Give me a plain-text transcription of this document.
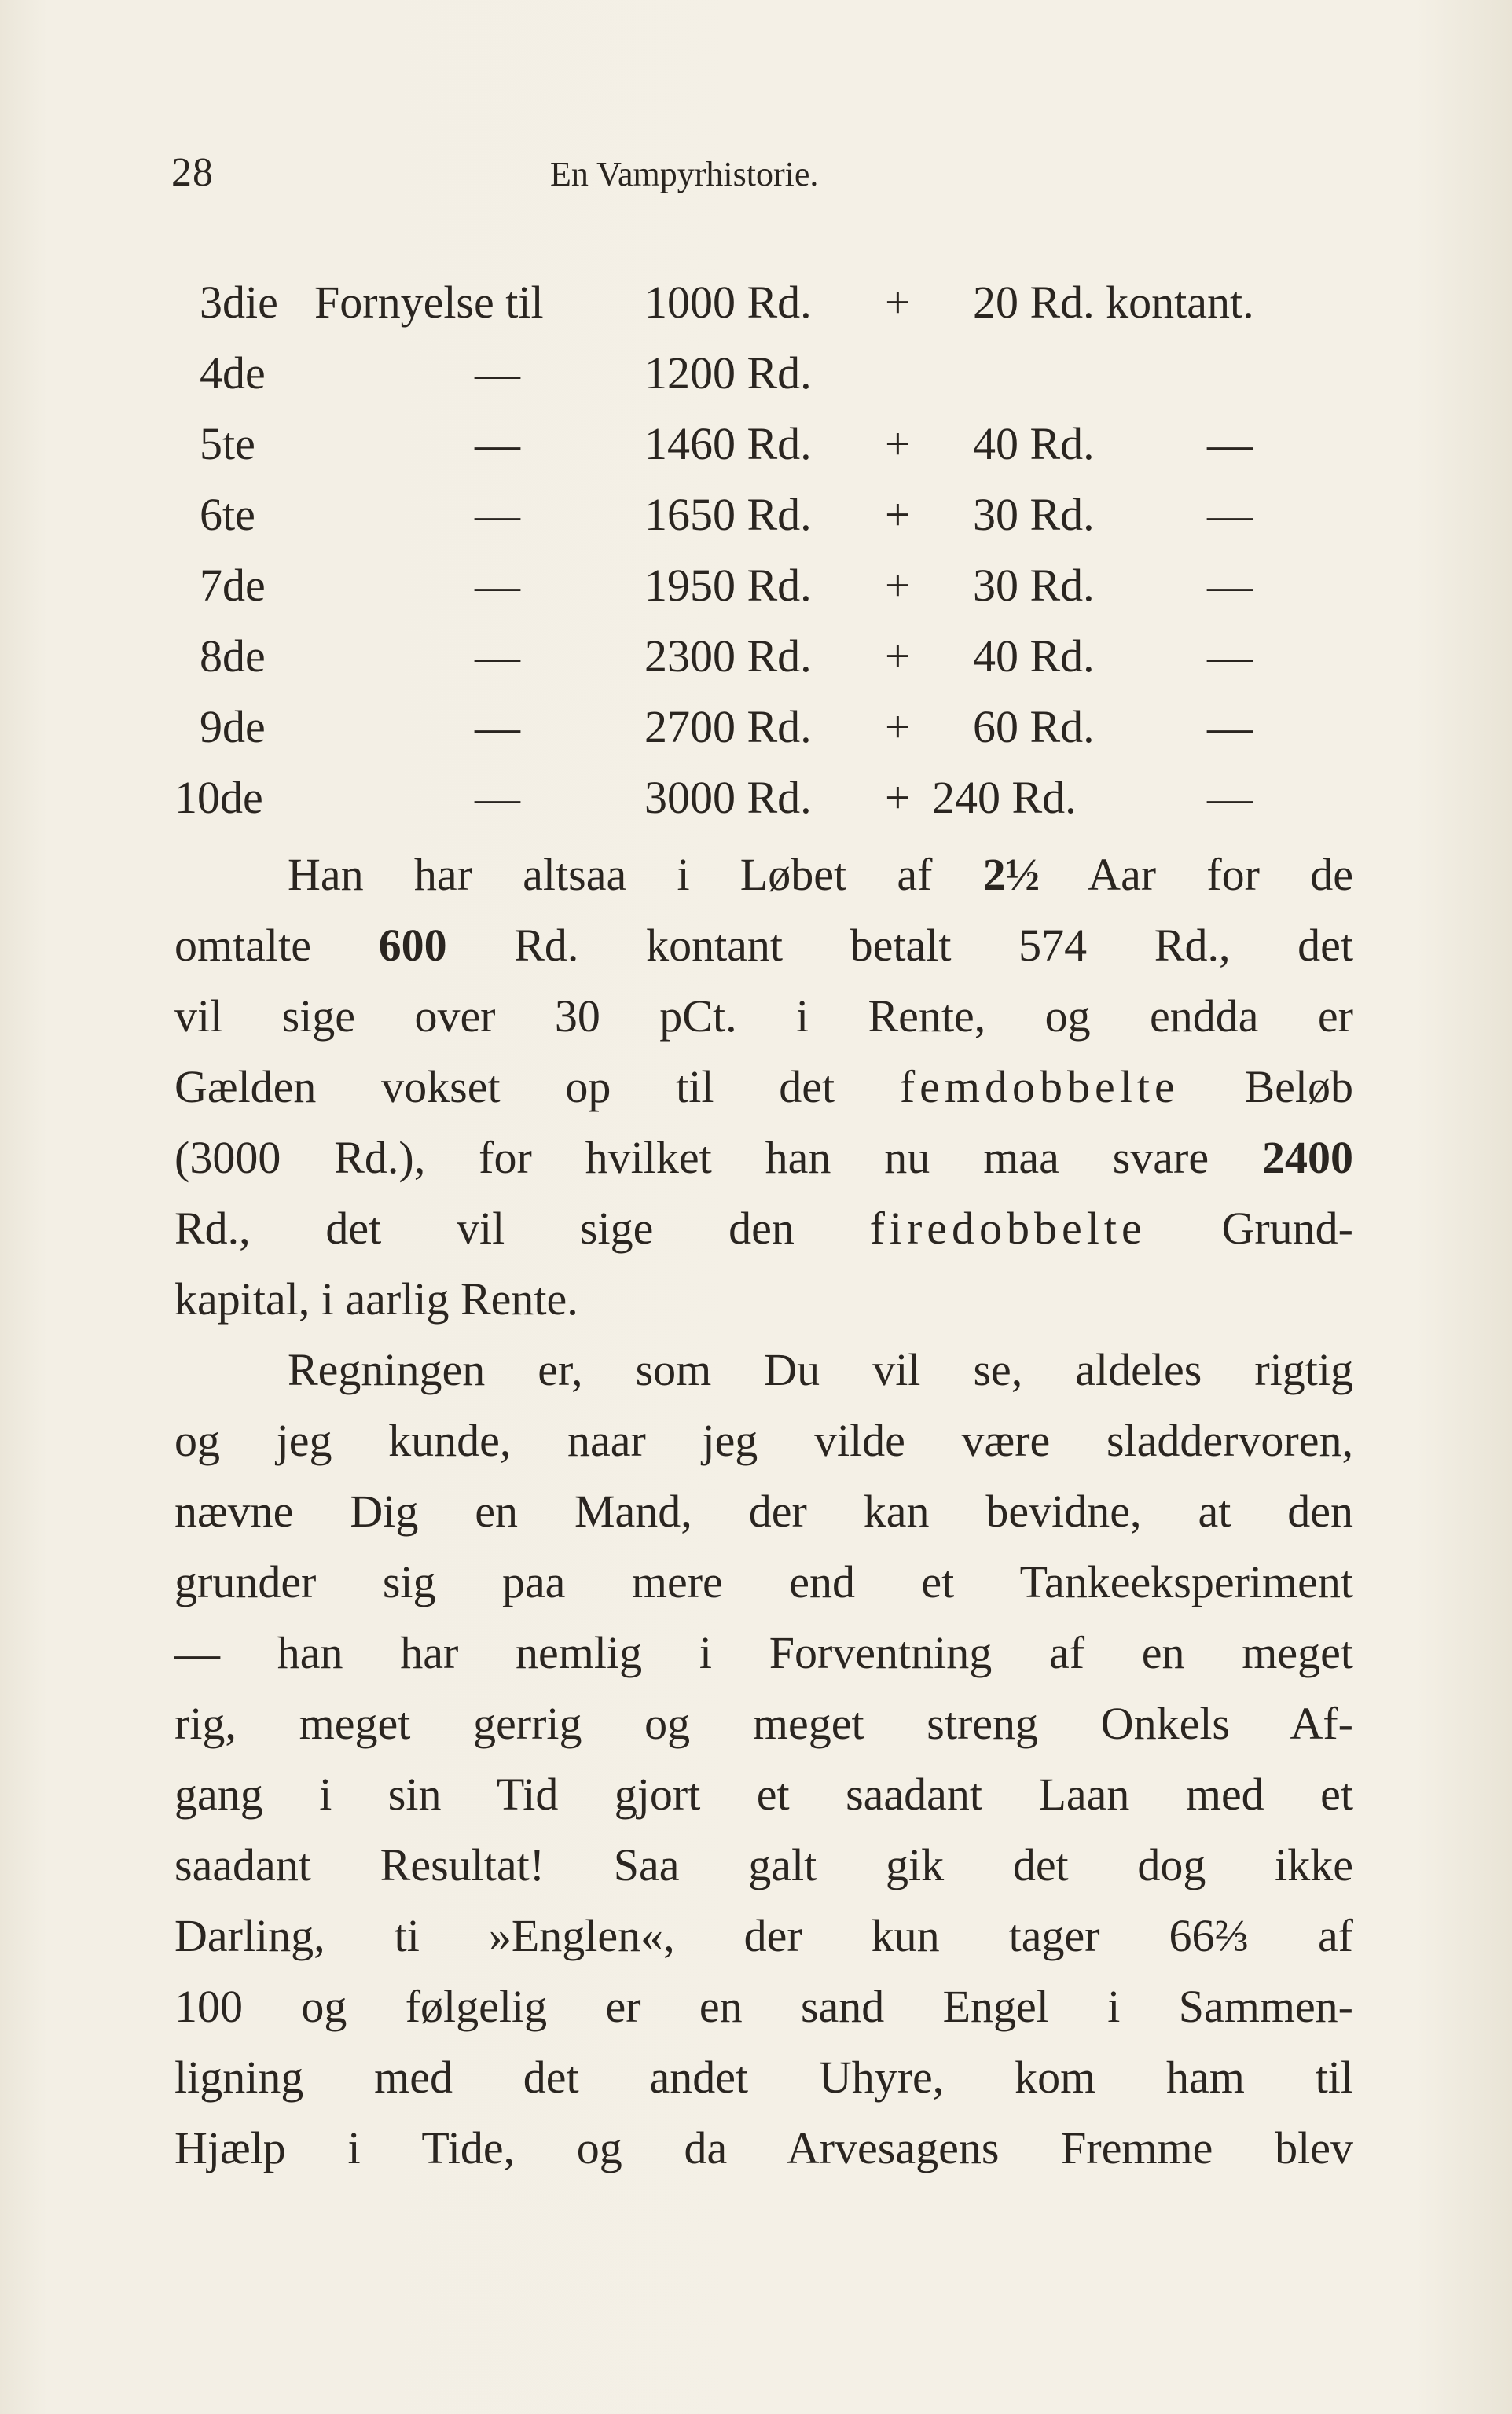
28	En Vampyrhistorie.
3die Fornyelse til 1000 Rd. + 20 Rd. kontant.
4de	—	1200 Rd.
5te	—	1460 Rd. + 40 Rd. —
6te	—	1650 Rd. + 30 Rd. —
7de	—	1950 Rd. + 30 Rd. —
8de	—	2300 Rd. + 40 Rd. —
9de	—	2700 Rd. + 60 Rd. —
10de	—	3000 Rd. + 240 Rd.	—
Han har altsaa i Løbet af 2½ Aar for de
omtalte 600 Rd. kontant betalt 574 Rd., det
vil sige over 30 pCt. i Rente, og endda er
Gælden vokset op til det femdobbelte Beløb
(3000 Rd.), for hvilket han nu maa svare 2400
Rd., det vil sige den firedobbelte Grund-
kapital, i aarlig Rente.
Regningen er, som Du vil se, aldeles rigtig
og jeg kunde, naar jeg vilde være sladdervoren,
nævne Dig en Mand, der kan bevidne, at den
grunder sig paa mere end et Tankeeksperiment
— han har nemlig i Forventning af en meget
rig, meget gerrig og meget streng Onkels Af-
gang i sin Tid gjort et saadant Laan med et
saadant Resultat! Saa galt gik det dog ikke
Darling, ti »Englen«, der kun tager 66⅔ af
100 og følgelig er en sand Engel i Sammen-
ligning med det andet Uhyre, kom ham til
Hjælp i Tide, og da Arvesagens Fremme blev
